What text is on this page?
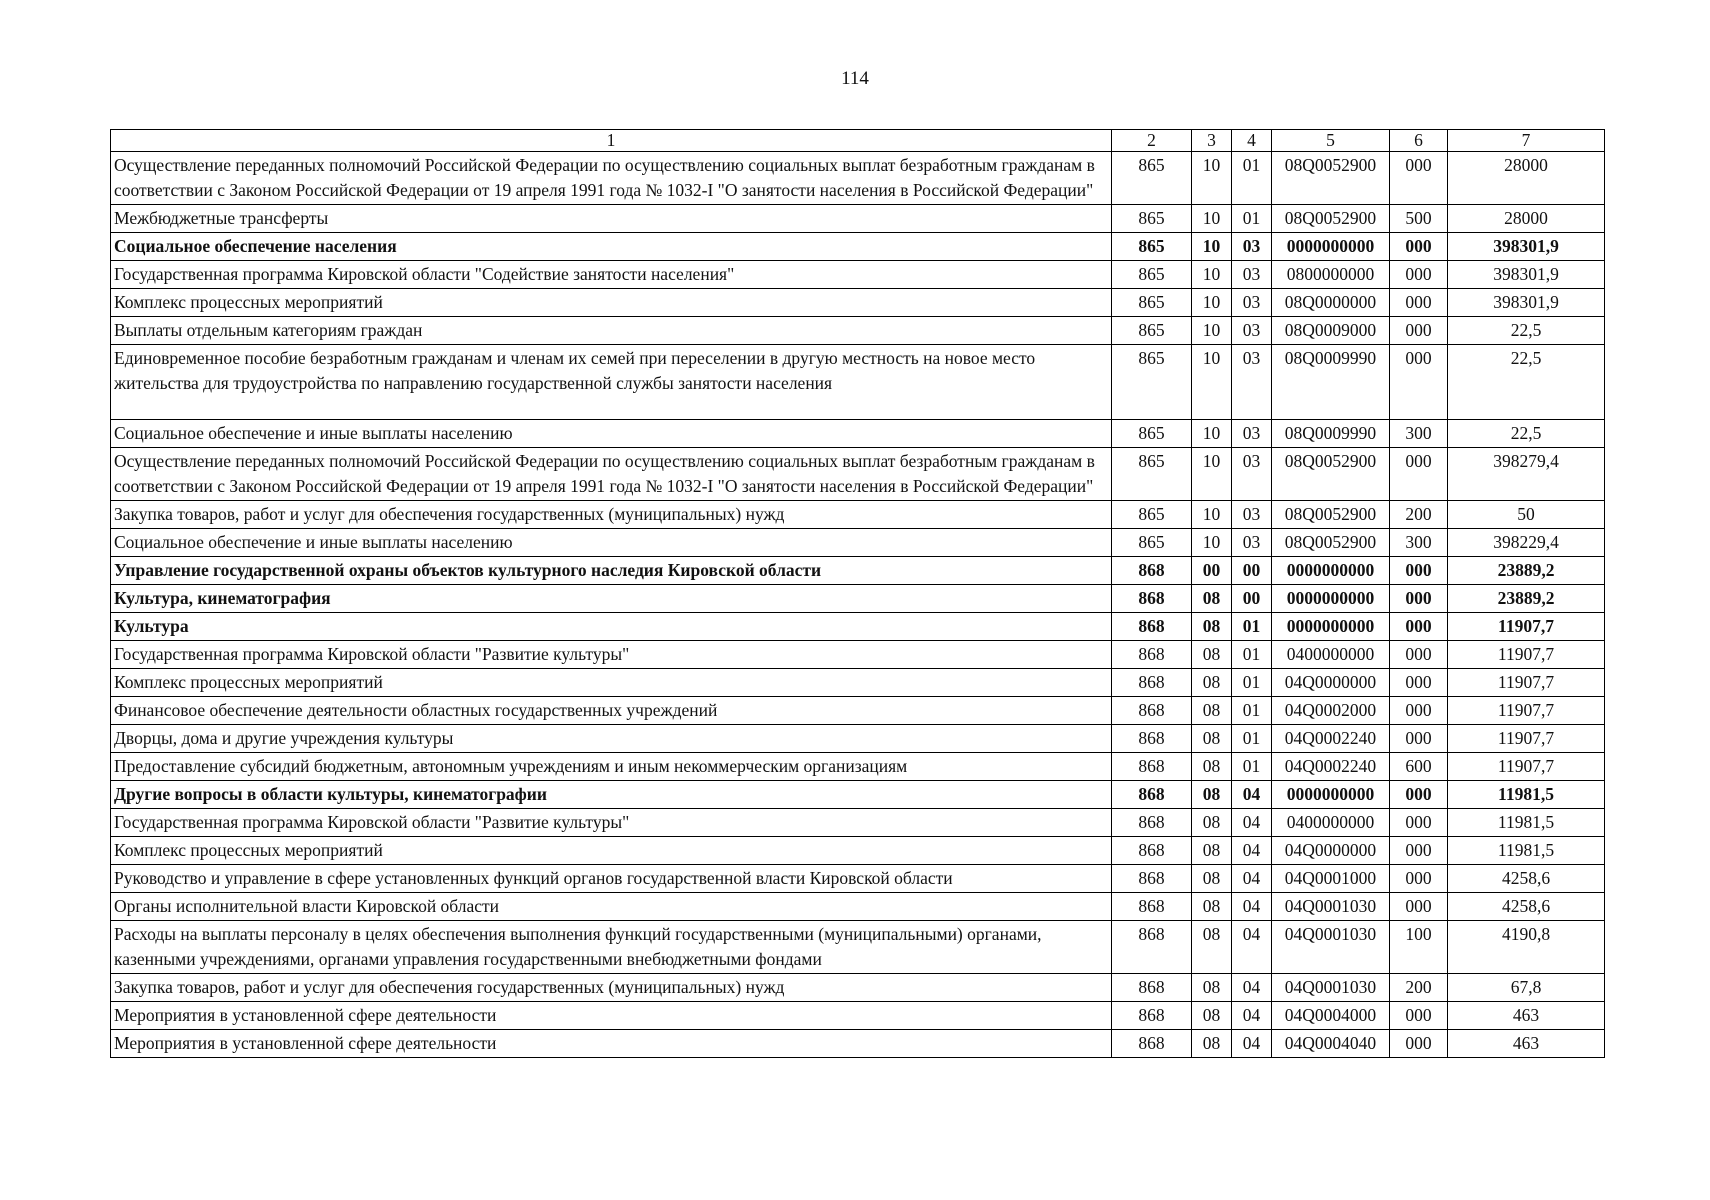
114
1	2	3	4	5	6	7
Осуществление переданных полномочий Российской Федерации по осуществлению социальных выплат безработным гражданам в соответствии с Законом Российской Федерации от 19 апреля 1991 года № 1032-I "О занятости населения в Российской Федерации"	865	10	01	08Q0052900	000	28000
Межбюджетные трансферты	865	10	01	08Q0052900	500	28000
Социальное обеспечение населения	865	10	03	0000000000	000	398301,9
Государственная программа Кировской области "Содействие занятости населения"	865	10	03	0800000000	000	398301,9
Комплекс процессных мероприятий	865	10	03	08Q0000000	000	398301,9
Выплаты отдельным категориям граждан	865	10	03	08Q0009000	000	22,5
Единовременное пособие безработным гражданам и членам их семей при переселении в другую местность на новое место жительства для трудоустройства по направлению государственной службы занятости населения	865	10	03	08Q0009990	000	22,5
Социальное обеспечение и иные выплаты населению	865	10	03	08Q0009990	300	22,5
Осуществление переданных полномочий Российской Федерации по осуществлению социальных выплат безработным гражданам в соответствии с Законом Российской Федерации от 19 апреля 1991 года № 1032-I "О занятости населения в Российской Федерации"	865	10	03	08Q0052900	000	398279,4
Закупка товаров, работ и услуг для обеспечения государственных (муниципальных) нужд	865	10	03	08Q0052900	200	50
Социальное обеспечение и иные выплаты населению	865	10	03	08Q0052900	300	398229,4
Управление государственной охраны объектов культурного наследия Кировской области	868	00	00	0000000000	000	23889,2
Культура, кинематография	868	08	00	0000000000	000	23889,2
Культура	868	08	01	0000000000	000	11907,7
Государственная программа Кировской области "Развитие культуры"	868	08	01	0400000000	000	11907,7
Комплекс процессных мероприятий	868	08	01	04Q0000000	000	11907,7
Финансовое обеспечение деятельности областных государственных учреждений	868	08	01	04Q0002000	000	11907,7
Дворцы, дома и другие учреждения культуры	868	08	01	04Q0002240	000	11907,7
Предоставление субсидий бюджетным, автономным учреждениям и иным некоммерческим организациям	868	08	01	04Q0002240	600	11907,7
Другие вопросы в области культуры, кинематографии	868	08	04	0000000000	000	11981,5
Государственная программа Кировской области "Развитие культуры"	868	08	04	0400000000	000	11981,5
Комплекс процессных мероприятий	868	08	04	04Q0000000	000	11981,5
Руководство и управление в сфере установленных функций органов государственной власти Кировской области	868	08	04	04Q0001000	000	4258,6
Органы исполнительной власти Кировской области	868	08	04	04Q0001030	000	4258,6
Расходы на выплаты персоналу в целях обеспечения выполнения функций государственными (муниципальными) органами, казенными учреждениями, органами управления государственными внебюджетными фондами	868	08	04	04Q0001030	100	4190,8
Закупка товаров, работ и услуг для обеспечения государственных (муниципальных) нужд	868	08	04	04Q0001030	200	67,8
Мероприятия в установленной сфере деятельности	868	08	04	04Q0004000	000	463
Мероприятия в установленной сфере деятельности	868	08	04	04Q0004040	000	463
